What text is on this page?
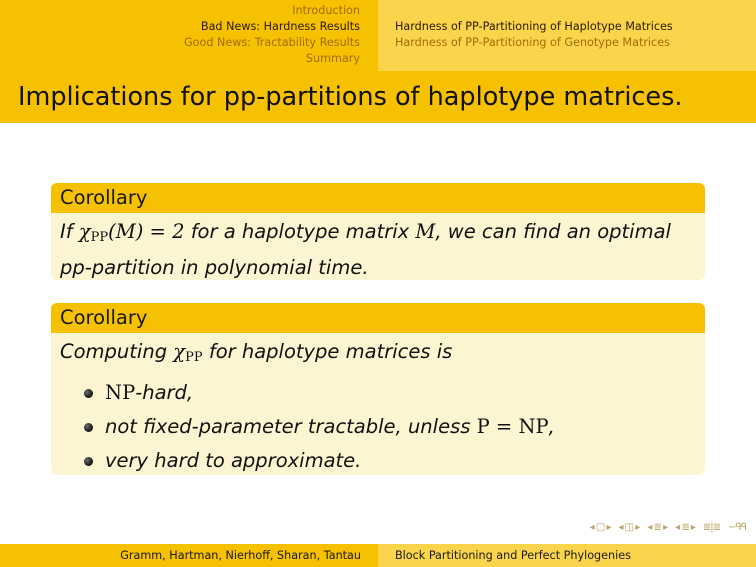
Introduction
Bad News: Hardness Results
Good News: Tractability Results
Summary
Hardness of PP-Partitioning of Haplotype Matrices
Hardness of PP-Partitioning of Genotype Matrices
Implications for pp-partitions of haplotype matrices.
Corollary
If $\chi_{PP}(M) = 2$ for a haplotype matrix M, we can find an optimal
pp-partition in polynomial time.
Corollary
Computing $\chi_{PP}$ for haplotype matrices is
NP-hard,
not fixed-parameter tractable, unless P = NP,
very hard to approximate.
◂ ▢ ▸ ◂ ◫ ▸ ◂ ≣ ▸ ◂ ≣ ▸ ≣|≣ ∽ᑫᑫ
Gramm, Hartman, Nierhoff, Sharan, Tantau	Block Partitioning and Perfect Phylogenies
